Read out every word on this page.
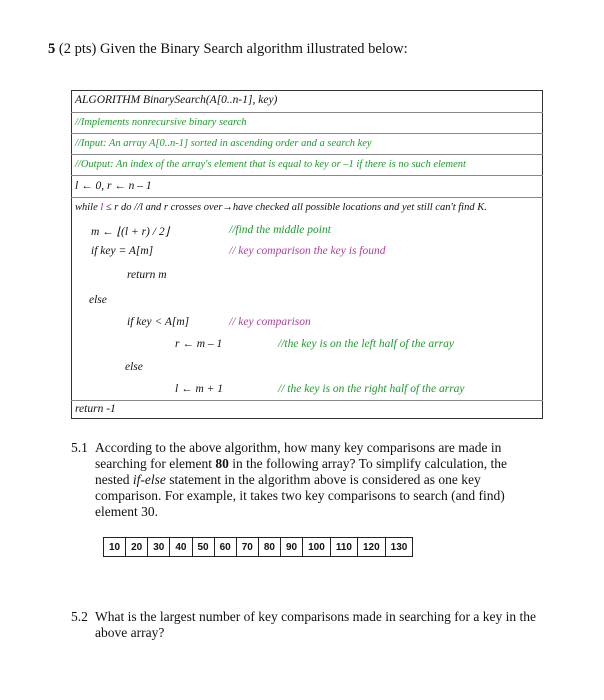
5 (2 pts) Given the Binary Search algorithm illustrated below:
ALGORITHM BinarySearch(A[0..n-1], key)
//Implements nonrecursive binary search
//Input: An array A[0..n-1] sorted in ascending order and a search key
//Output: An index of the array's element that is equal to key or –1 if there is no such element
l ← 0, r ← n – 1
while l ≤ r do //l and r crosses over→have checked all possible locations and yet still can't find K.
m ← ⌊(l + r) / 2⌋	//find the middle point
if key = A[m]	// key comparison the key is found
return m
else
if key < A[m]	// key comparison
r ← m – 1	//the key is on the left half of the array
else
l ← m + 1	// the key is on the right half of the array
return -1
5.1 According to the above algorithm, how many key comparisons are made in searching for element 80 in the following array? To simplify calculation, the nested if-else statement in the algorithm above is considered as one key comparison. For example, it takes two key comparisons to search (and find) element 30.
10	20	30	40	50	60	70	80	90	100	110	120	130
5.2 What is the largest number of key comparisons made in searching for a key in the above array?
